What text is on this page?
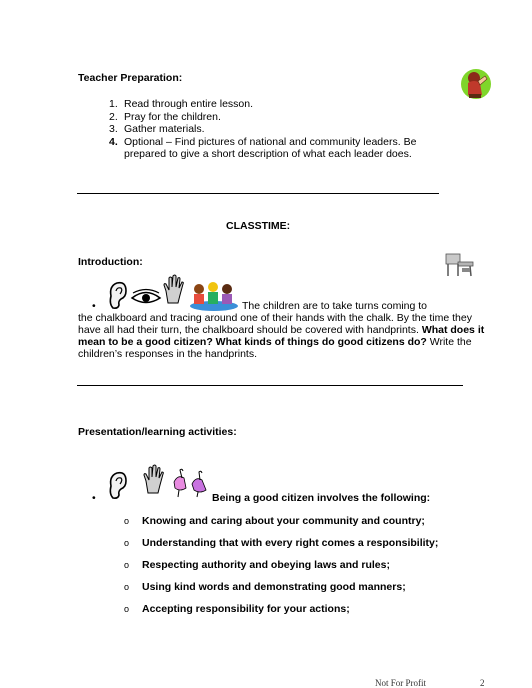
Teacher Preparation:
1. Read through entire lesson.
2. Pray for the children.
3. Gather materials.
4. Optional – Find pictures of national and community leaders. Be
prepared to give a short description of what each leader does.
CLASSTIME:
Introduction:
•	The children are to take turns coming to
the chalkboard and tracing around one of their hands with the chalk. By the time they
have all had their turn, the chalkboard should be covered with handprints. What does it
mean to be a good citizen? What kinds of things do good citizens do? Write the
children’s responses in the handprints.
Presentation/learning activities:
•	Being a good citizen involves the following:
o Knowing and caring about your community and country;
o Understanding that with every right comes a responsibility;
o Respecting authority and obeying laws and rules;
o Using kind words and demonstrating good manners;
o Accepting responsibility for your actions;
Not For Profit	2
